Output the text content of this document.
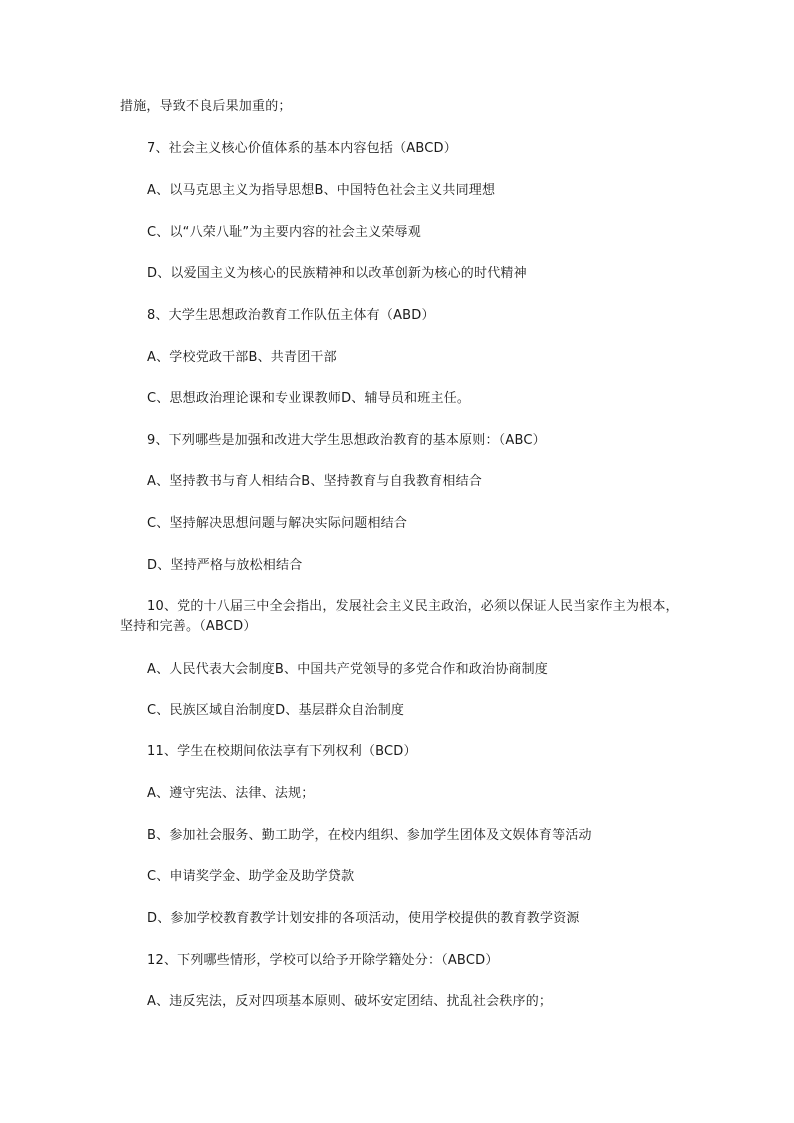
措施，导致不良后果加重的；

7、社会主义核心价值体系的基本内容包括（ABCD）

A、以马克思主义为指导思想B、中国特色社会主义共同理想

C、以“八荣八耻”为主要内容的社会主义荣辱观

D、以爱国主义为核心的民族精神和以改革创新为核心的时代精神

8、大学生思想政治教育工作队伍主体有（ABD）

A、学校党政干部B、共青团干部

C、思想政治理论课和专业课教师D、辅导员和班主任。

9、下列哪些是加强和改进大学生思想政治教育的基本原则：（ABC）

A、坚持教书与育人相结合B、坚持教育与自我教育相结合

C、坚持解决思想问题与解决实际问题相结合

D、坚持严格与放松相结合

10、党的十八届三中全会指出，发展社会主义民主政治，必须以保证人民当家作主为根本，坚持和完善。（ABCD）

A、人民代表大会制度B、中国共产党领导的多党合作和政治协商制度

C、民族区域自治制度D、基层群众自治制度

11、学生在校期间依法享有下列权利（BCD）

A、遵守宪法、法律、法规；

B、参加社会服务、勤工助学，在校内组织、参加学生团体及文娱体育等活动

C、申请奖学金、助学金及助学贷款

D、参加学校教育教学计划安排的各项活动，使用学校提供的教育教学资源

12、下列哪些情形，学校可以给予开除学籍处分：（ABCD）

A、违反宪法，反对四项基本原则、破坏安定团结、扰乱社会秩序的；
